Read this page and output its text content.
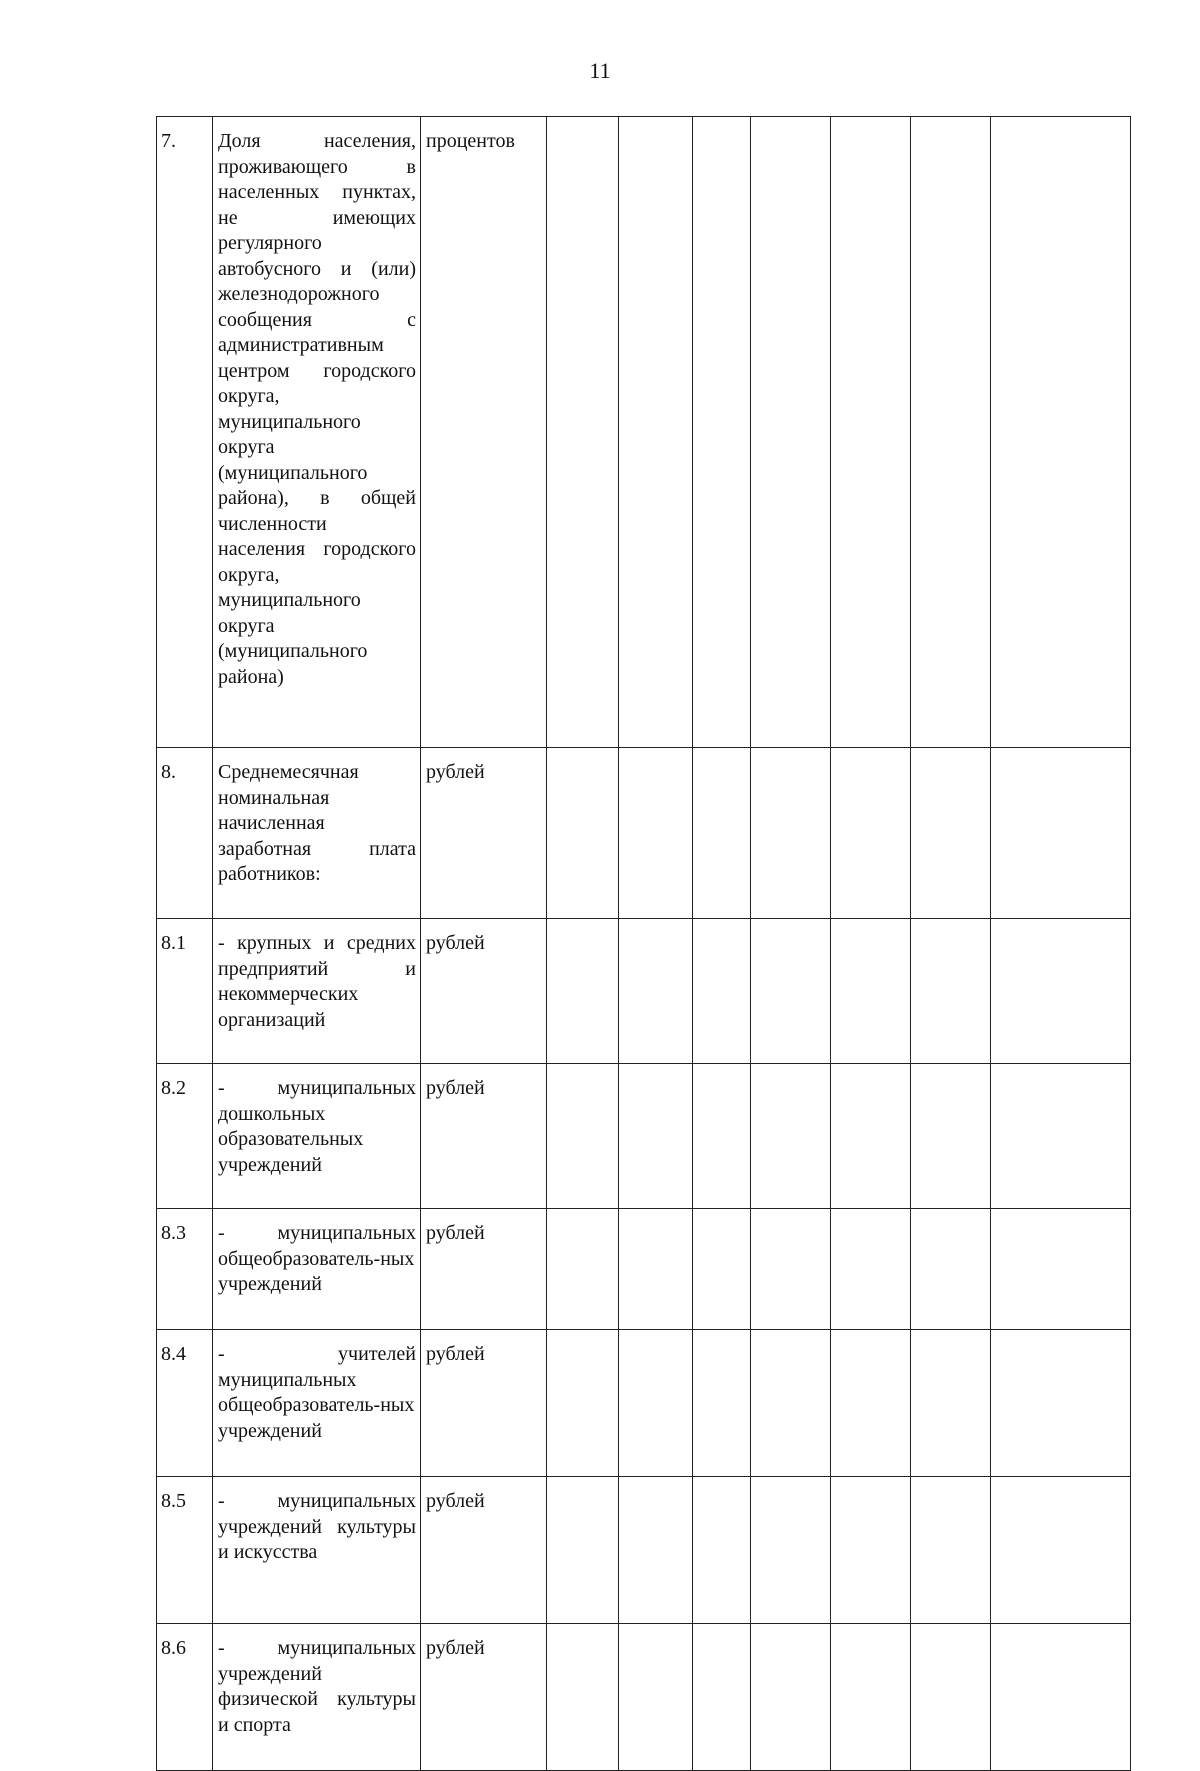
11
7.	Доля населения, проживающего в населенных пунктах, не имеющих регулярного автобусного и (или) железнодорожного сообщения с административным центром городского округа, муниципального округа (муниципального района), в общей численности населения городского округа, муниципального округа (муниципального района)	процентов							
8.	Среднемесячная номинальная начисленная заработная плата работников:	рублей							
8.1	- крупных и средних предприятий и некоммерческих организаций	рублей							
8.2	- муниципальных дошкольных образовательных учреждений	рублей							
8.3	- муниципальных общеобразователь-ных учреждений	рублей							
8.4	- учителей муниципальных общеобразователь-ных учреждений	рублей							
8.5	- муниципальных учреждений культуры и искусства	рублей							
8.6	- муниципальных учреждений физической культуры и спорта	рублей							
